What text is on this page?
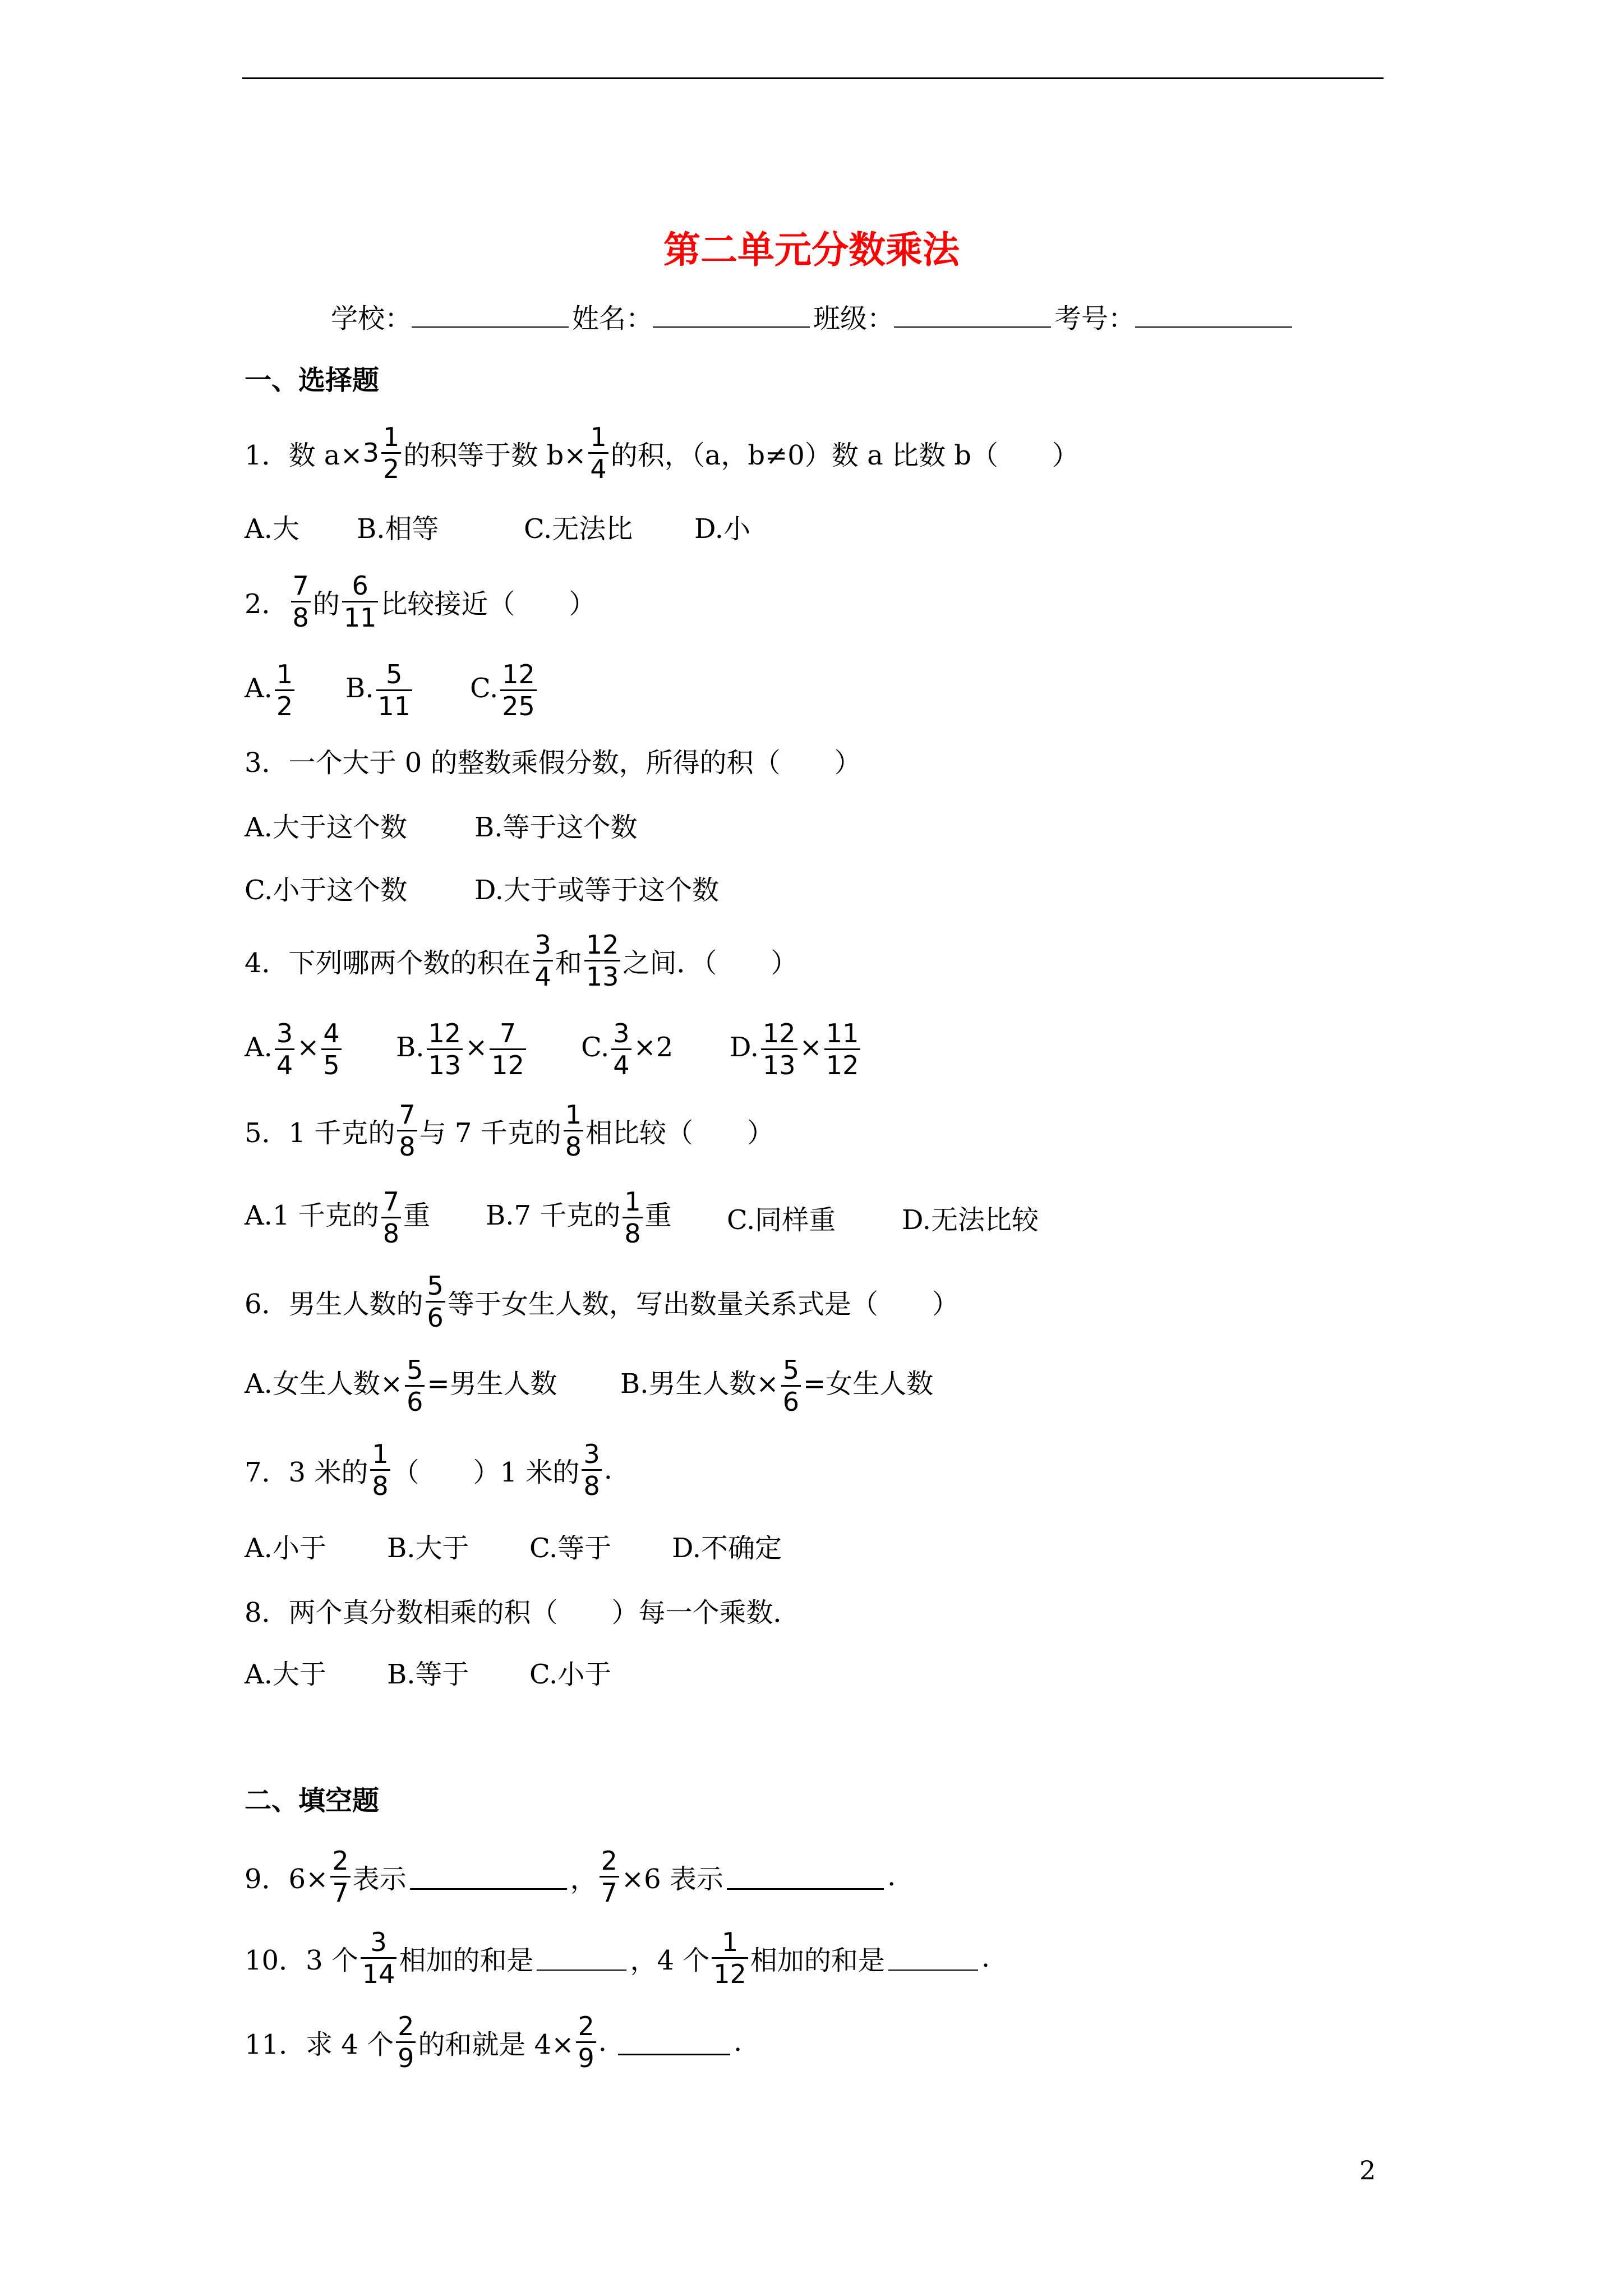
第二单元分数乘法
学校：	姓名：	班级：	考号：
一、选择题
1．数 $a\times 3 \frac{1}{2}$ 的积等于数 $b\times \frac{1}{4}$ 的积，（a，b≠0）数 a 比数 b（　　）
A.大	B.相等	C.无法比	D.小
2． $\frac{7}{8}$ 的 $\frac{6}{11}$ 比较接近（　　）
A. $\frac{1}{2} B$. $\frac{5}{11} C$. $\frac{12}{25}$
3．一个大于 0 的整数乘假分数，所得的积（　　）
A.大于这个数	B.等于这个数
C.小于这个数	D.大于或等于这个数
4．下列哪两个数的积在 $\frac{3}{4}$ 和 $\frac{12}{13}$ 之间．（　　）
A. $\frac{3}{4} \times \frac{4}{5} B$. $\frac{12}{13} \times \frac{7}{12} C$. $\frac{3}{4} \times 2$	D. $\frac{12}{13} \times \frac{11}{12}$
5．1 千克的 $\frac{7}{8}$ 与 7 千克的 $\frac{1}{8}$ 相比较（　　）
A.1 千克的 $\frac{7}{8}$ 重	B.7 千克的 $\frac{1}{8}$ 重	C.同样重	D.无法比较
6．男生人数的 $\frac{5}{6}$ 等于女生人数，写出数量关系式是（　　）
A.女生人数× $\frac{5}{6}$ =男生人数	B.男生人数× $\frac{5}{6}$ =女生人数
7．3 米的 $\frac{1}{8}$ （　　）1 米的 $\frac{3}{8}$ .
A.小于	B.大于	C.等于	D.不确定
8．两个真分数相乘的积（　　）每一个乘数．
A.大于	B.等于	C.小于
二、填空题
9．$6\times \frac{2}{7}$ 表示	， $\frac{2}{7} \times 6$ 表示	.
10．3 个 $\frac{3}{14}$ 相加的和是	，4 个 $\frac{1}{12}$ 相加的和是	.
11．求 4 个 $\frac{2}{9}$ 的和就是 $4\times \frac{2}{9}$ .	.
2
